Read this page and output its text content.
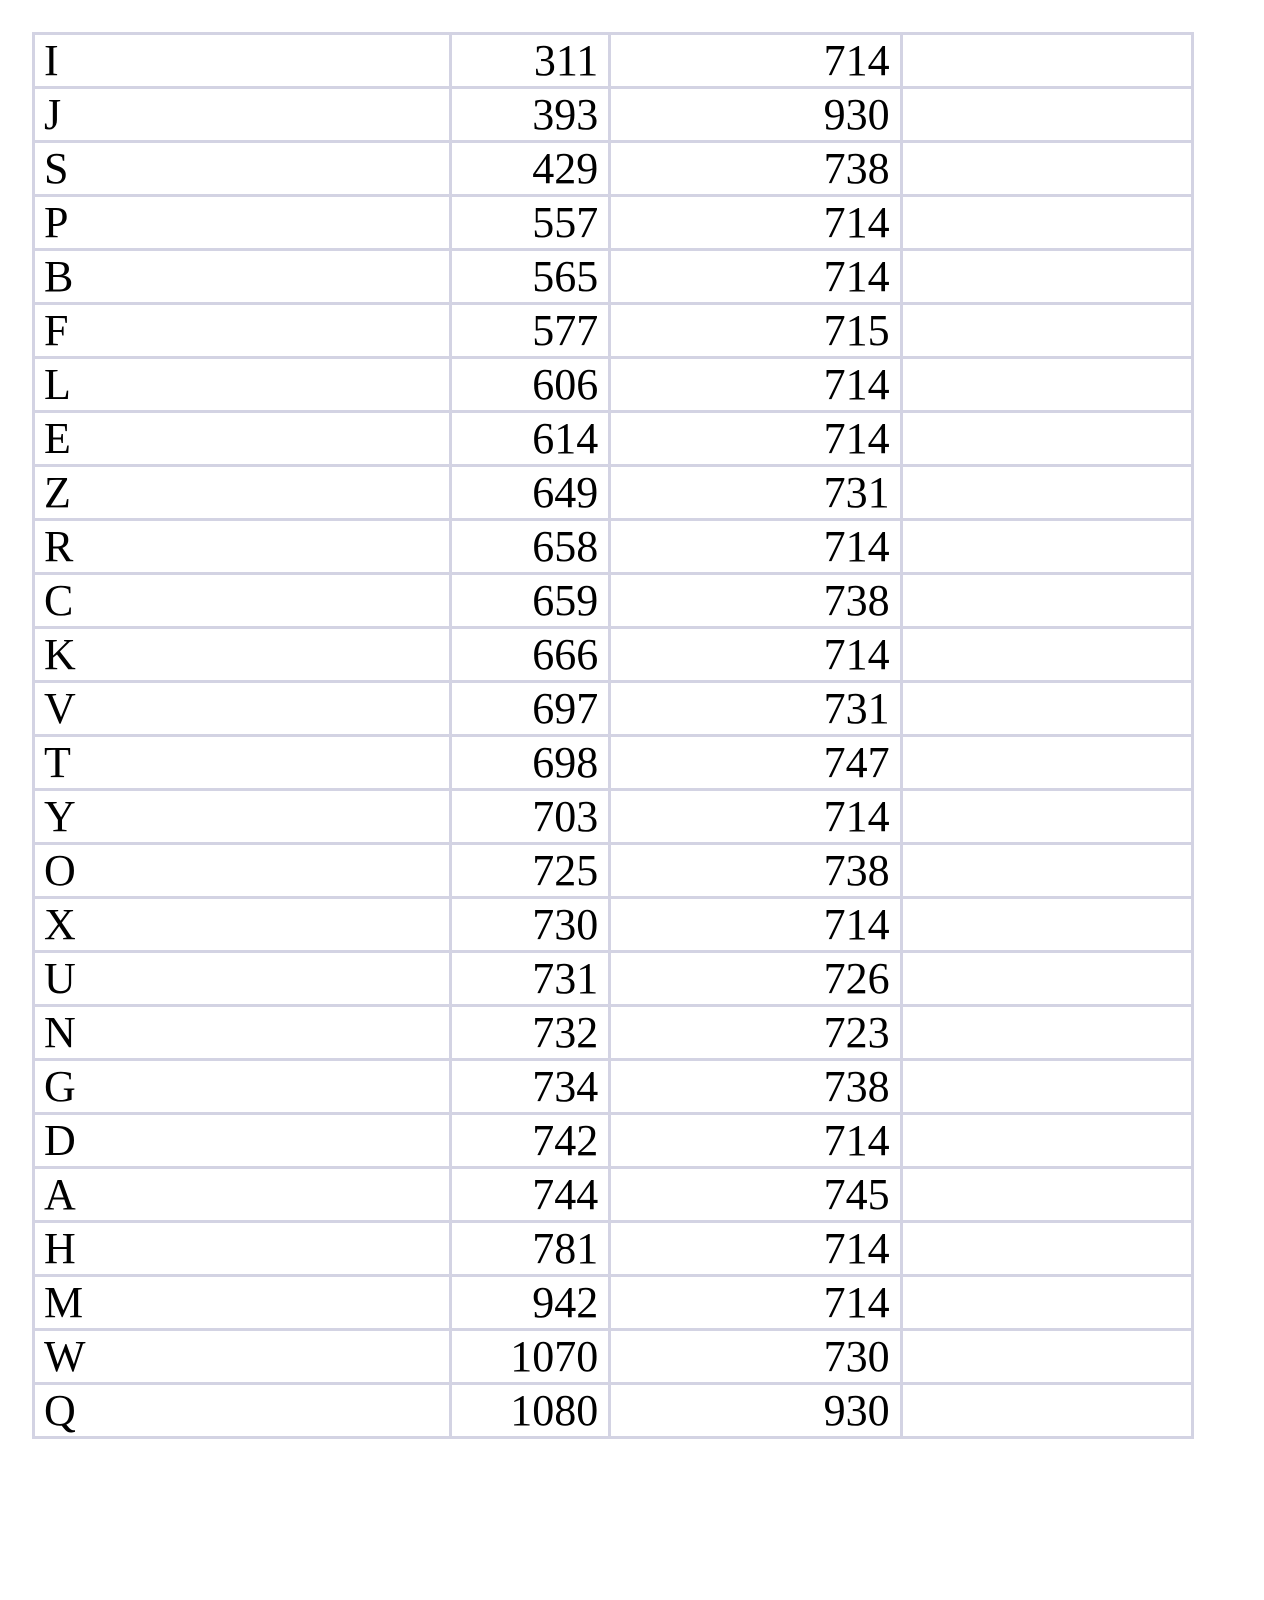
I	311	714	
J	393	930	
S	429	738	
P	557	714	
B	565	714	
F	577	715	
L	606	714	
E	614	714	
Z	649	731	
R	658	714	
C	659	738	
K	666	714	
V	697	731	
T	698	747	
Y	703	714	
O	725	738	
X	730	714	
U	731	726	
N	732	723	
G	734	738	
D	742	714	
A	744	745	
H	781	714	
M	942	714	
W	1070	730	
Q	1080	930	
